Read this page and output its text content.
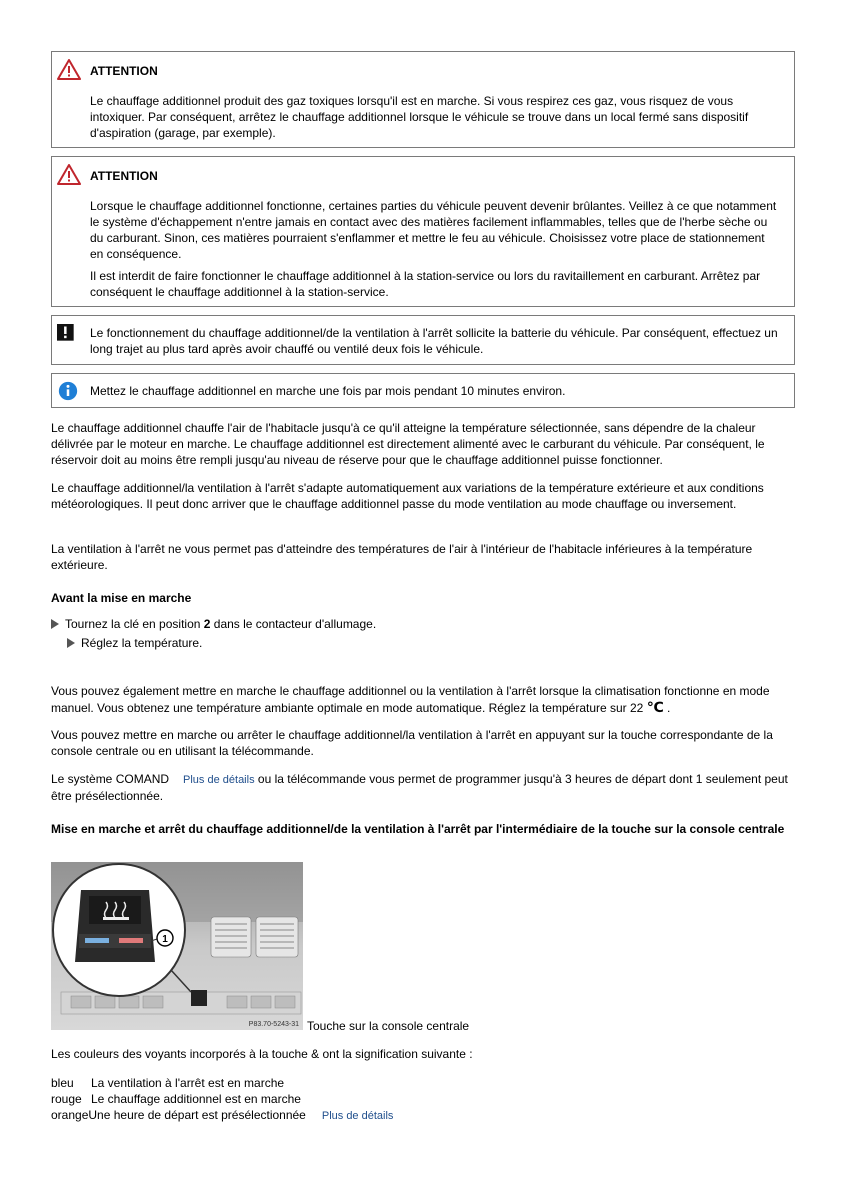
ATTENTION

Le chauffage additionnel produit des gaz toxiques lorsqu'il est en marche. Si vous respirez ces gaz, vous risquez de vous intoxiquer. Par conséquent, arrêtez le chauffage additionnel lorsque le véhicule se trouve dans un local fermé sans dispositif d'aspiration (garage, par exemple).

ATTENTION

Lorsque le chauffage additionnel fonctionne, certaines parties du véhicule peuvent devenir brûlantes. Veillez à ce que notamment le système d'échappement n'entre jamais en contact avec des matières facilement inflammables, telles que de l'herbe sèche ou du carburant. Sinon, ces matières pourraient s'enflammer et mettre le feu au véhicule. Choisissez votre place de stationnement en conséquence.

Il est interdit de faire fonctionner le chauffage additionnel à la station-service ou lors du ravitaillement en carburant. Arrêtez par conséquent le chauffage additionnel à la station-service.

Le fonctionnement du chauffage additionnel/de la ventilation à l'arrêt sollicite la batterie du véhicule. Par conséquent, effectuez un long trajet au plus tard après avoir chauffé ou ventilé deux fois le véhicule.

Mettez le chauffage additionnel en marche une fois par mois pendant 10 minutes environ.

Le chauffage additionnel chauffe l'air de l'habitacle jusqu'à ce qu'il atteigne la température sélectionnée, sans dépendre de la chaleur délivrée par le moteur en marche. Le chauffage additionnel est directement alimenté avec le carburant du véhicule. Par conséquent, le réservoir doit au moins être rempli jusqu'au niveau de réserve pour que le chauffage additionnel puisse fonctionner.

Le chauffage additionnel/la ventilation à l'arrêt s'adapte automatiquement aux variations de la température extérieure et aux conditions météorologiques. Il peut donc arriver que le chauffage additionnel passe du mode ventilation au mode chauffage ou inversement.

La ventilation à l'arrêt ne vous permet pas d'atteindre des températures de l'air à l'intérieur de l'habitacle inférieures à la température extérieure.

Avant la mise en marche
Tournez la clé en position 2 dans le contacteur d'allumage.
Réglez la température.

Vous pouvez également mettre en marche le chauffage additionnel ou la ventilation à l'arrêt lorsque la climatisation fonctionne en mode manuel. Vous obtenez une température ambiante optimale en mode automatique. Réglez la température sur 22 ℃ .

Vous pouvez mettre en marche ou arrêter le chauffage additionnel/la ventilation à l'arrêt en appuyant sur la touche correspondante de la console centrale ou en utilisant la télécommande.

Le système COMAND Plus de détails ou la télécommande vous permet de programmer jusqu'à 3 heures de départ dont 1 seulement peut être présélectionnée.

Mise en marche et arrêt du chauffage additionnel/de la ventilation à l'arrêt par l'intermédiaire de la touche sur la console centrale
1
P83.70-5243-31 Touche sur la console centrale

Les couleurs des voyants incorporés à la touche & ont la signification suivante :

bleu La ventilation à l'arrêt est en marche
rouge Le chauffage additionnel est en marche
orangeUne heure de départ est présélectionnée Plus de détails
